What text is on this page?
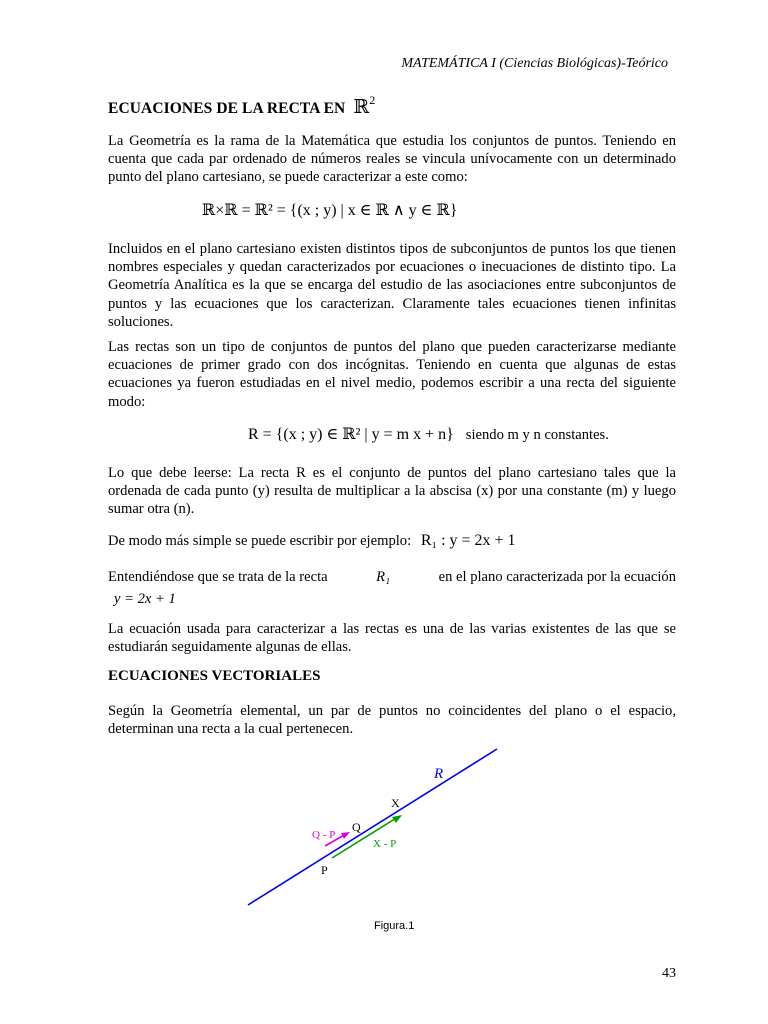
MATEMÁTICA I (Ciencias Biológicas)-Teórico
ECUACIONES DE LA RECTA EN ℝ$^2$
La Geometría es la rama de la Matemática que estudia los conjuntos de puntos. Teniendo en cuenta que cada par ordenado de números reales se vincula unívocamente con un determinado punto del plano cartesiano, se puede caracterizar a este como:
ℝ×ℝ = ℝ² = {(x ; y) | x ∈ ℝ ∧ y ∈ ℝ}
Incluidos en el plano cartesiano existen distintos tipos de subconjuntos de puntos los que tienen nombres especiales y quedan caracterizados por ecuaciones o inecuaciones de distinto tipo. La Geometría Analítica es la que se encarga del estudio de las asociaciones entre subconjuntos de puntos y las ecuaciones que los caracterizan. Claramente tales ecuaciones tienen infinitas soluciones.
Las rectas son un tipo de conjuntos de puntos del plano que pueden caracterizarse mediante ecuaciones de primer grado con dos incógnitas. Teniendo en cuenta que algunas de estas ecuaciones ya fueron estudiadas en el nivel medio, podemos escribir a una recta del siguiente modo:
R = {(x ; y) ∈ ℝ² | y = m x + n} siendo m y n constantes.
Lo que debe leerse: La recta R es el conjunto de puntos del plano cartesiano tales que la ordenada de cada punto (y) resulta de multiplicar a la abscisa (x) por una constante (m) y luego sumar otra (n).
De modo más simple se puede escribir por ejemplo: R₁ : y = 2x + 1
Entendiéndose que se trata de la recta	R₁	en el plano caracterizada por la ecuación
y = 2x + 1
La ecuación usada para caracterizar a las rectas es una de las varias existentes de las que se estudiarán seguidamente algunas de ellas.
ECUACIONES VECTORIALES
Según la Geometría elemental, un par de puntos no coincidentes del plano o el espacio, determinan una recta a la cual pertenecen.
R
X
Q
P
Q - P
X - P
Figura.1
43
